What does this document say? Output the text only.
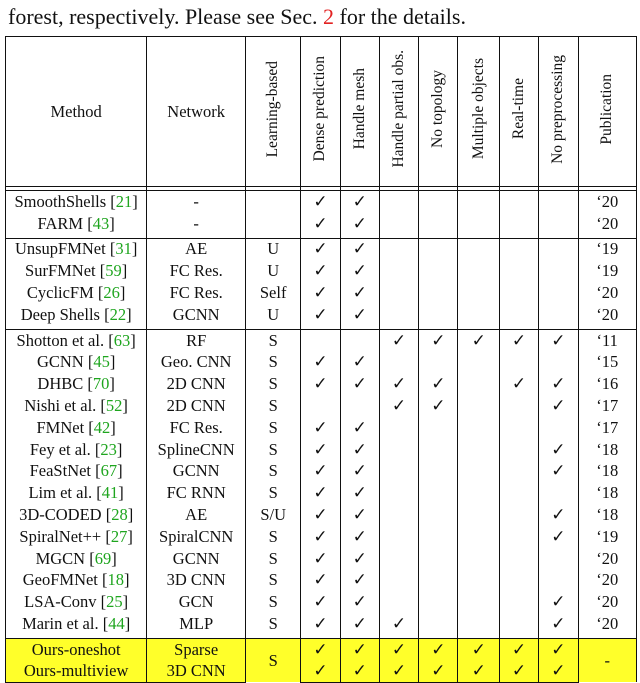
forest, respectively. Please see Sec. 2 for the details.
Method	Network	Learning-based	Dense prediction	Handle mesh	Handle partial obs.	No topology	Multiple objects	Real-time	No preprocessing	Publication

SmoothShells [21]	-		✓	✓						‘20
FARM [43]	-		✓	✓						‘20

UnsupFMNet [31]	AE	U	✓	✓						‘19
SurFMNet [59]	FC Res.	U	✓	✓						‘19
CyclicFM [26]	FC Res.	Self	✓	✓						‘20
Deep Shells [22]	GCNN	U	✓	✓						‘20

Shotton et al. [63]	RF	S			✓	✓	✓	✓	✓	‘11
GCNN [45]	Geo. CNN	S	✓	✓						‘15
DHBC [70]	2D CNN	S	✓	✓	✓	✓		✓	✓	‘16
Nishi et al. [52]	2D CNN	S			✓	✓			✓	‘17
FMNet [42]	FC Res.	S	✓	✓						‘17
Fey et al. [23]	SplineCNN	S	✓	✓					✓	‘18
FeaStNet [67]	GCNN	S	✓	✓					✓	‘18
Lim et al. [41]	FC RNN	S	✓	✓						‘18
3D-CODED [28]	AE	S/U	✓	✓					✓	‘18
SpiralNet++ [27]	SpiralCNN	S	✓	✓					✓	‘19
MGCN [69]	GCNN	S	✓	✓						‘20
GeoFMNet [18]	3D CNN	S	✓	✓						‘20
LSA-Conv [25]	GCN	S	✓	✓					✓	‘20
Marin et al. [44]	MLP	S	✓	✓	✓				✓	‘20

Ours-oneshot	Sparse	S	✓	✓	✓	✓	✓	✓	✓	-
Ours-multiview	3D CNN		✓	✓	✓	✓	✓	✓	✓	
